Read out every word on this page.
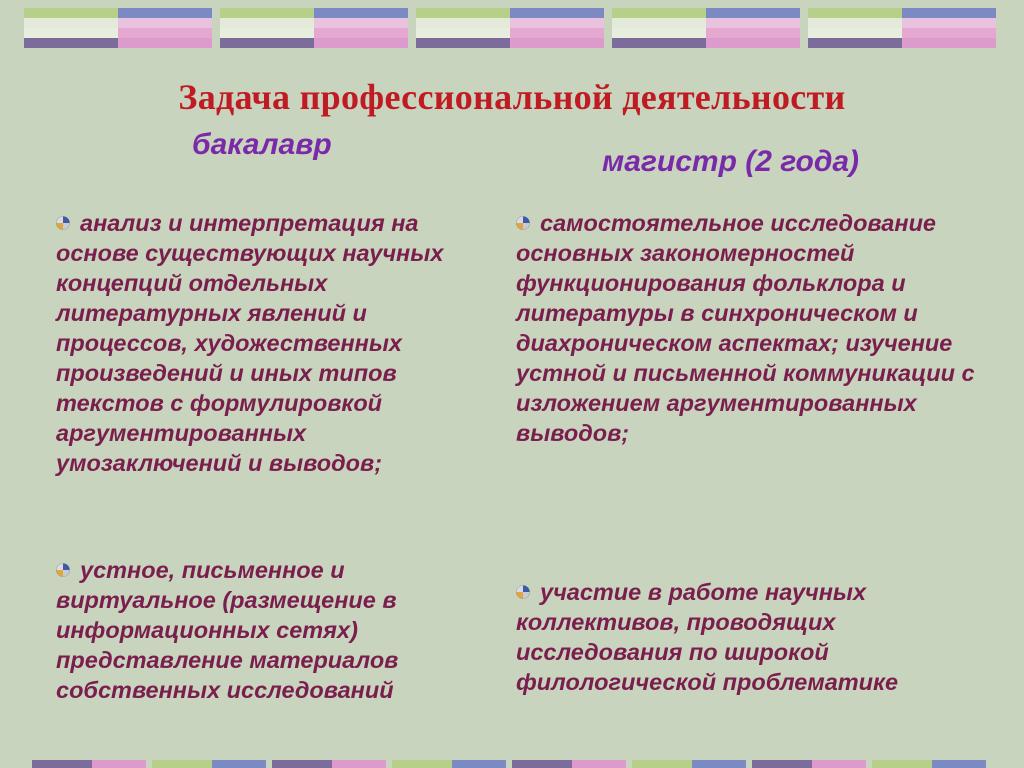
Задача профессиональной деятельности
бакалавр
магистр (2 года)
анализ и интерпретация на основе существующих научных концепций отдельных литературных явлений и процессов, художественных произведений и иных типов текстов с формулировкой аргументированных умозаключений и выводов;
устное, письменное и виртуальное (размещение в информационных сетях) представление материалов собственных исследований
самостоятельное исследование основных закономерностей функционирования фольклора и литературы в синхроническом и диахроническом аспектах; изучение устной и письменной коммуникации с изложением аргументированных выводов;
участие в работе научных коллективов, проводящих исследования по широкой филологической проблематике
